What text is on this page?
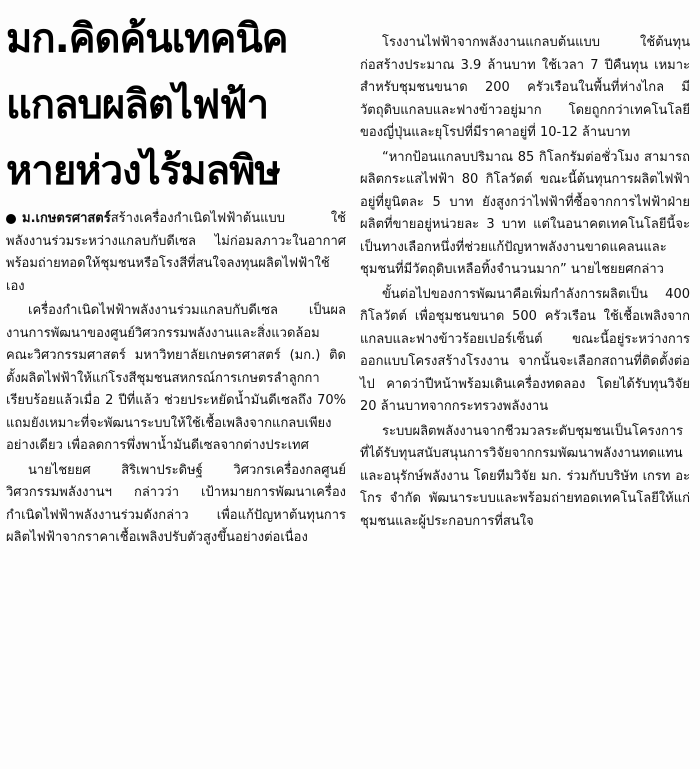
มก.คิดค้นเทคนิค
แกลบผลิตไฟฟ้า
หายห่วงไร้มลพิษ

ม.เกษตรศาสตร์สร้างเครื่องกำเนิดไฟฟ้าต้นแบบ ใช้พลังงานร่วมระหว่างแกลบกับดีเซล ไม่ก่อมลภาวะในอากาศ พร้อมถ่ายทอดให้ชุมชนหรือโรงสีที่สนใจลงทุนผลิตไฟฟ้าใช้เอง

เครื่องกำเนิดไฟฟ้าพลังงานร่วมแกลบกับดีเซล เป็นผลงานการพัฒนาของศูนย์วิศวกรรมพลังงานและสิ่งแวดล้อม คณะวิศวกรรมศาสตร์ มหาวิทยาลัยเกษตรศาสตร์ (มก.) ติดตั้งผลิตไฟฟ้าให้แก่โรงสีชุมชนสหกรณ์การเกษตรลำลูกกาเรียบร้อยแล้วเมื่อ 2 ปีที่แล้ว ช่วยประหยัดน้ำมันดีเซลถึง 70% แถมยังเหมาะที่จะพัฒนาระบบให้ใช้เชื้อเพลิงจากแกลบเพียงอย่างเดียว เพื่อลดการพึ่งพาน้ำมันดีเซลจากต่างประเทศ

นายไชยยศ สิริเพาประดิษฐ์ วิศวกรเครื่องกลศูนย์วิศวกรรมพลังงานฯ กล่าวว่า เป้าหมายการพัฒนาเครื่องกำเนิดไฟฟ้าพลังงานร่วมดังกล่าว เพื่อแก้ปัญหาต้นทุนการผลิตไฟฟ้าจากราคาเชื้อเพลิงปรับตัวสูงขึ้นอย่างต่อเนื่อง

โรงงานไฟฟ้าจากพลังงานแกลบต้นแบบ ใช้ต้นทุนก่อสร้างประมาณ 3.9 ล้านบาท ใช้เวลา 7 ปีคืนทุน เหมาะสำหรับชุมชนขนาด 200 ครัวเรือนในพื้นที่ห่างไกล มีวัตถุดิบแกลบและฟางข้าวอยู่มาก โดยถูกกว่าเทคโนโลยีของญี่ปุ่นและยุโรปที่มีราคาอยู่ที่ 10-12 ล้านบาท

“หากป้อนแกลบปริมาณ 85 กิโลกรัมต่อชั่วโมง สามารถผลิตกระแสไฟฟ้า 80 กิโลวัตต์ ขณะนี้ต้นทุนการผลิตไฟฟ้าอยู่ที่ยูนิตละ 5 บาท ยังสูงกว่าไฟฟ้าที่ซื้อจากการไฟฟ้าฝ่ายผลิตที่ขายอยู่หน่วยละ 3 บาท แต่ในอนาคตเทคโนโลยีนี้จะเป็นทางเลือกหนึ่งที่ช่วยแก้ปัญหาพลังงานขาดแคลนและชุมชนที่มีวัตถุดิบเหลือทิ้งจำนวนมาก” นายไชยยศกล่าว

ขั้นต่อไปของการพัฒนาคือเพิ่มกำลังการผลิตเป็น 400 กิโลวัตต์ เพื่อชุมชนขนาด 500 ครัวเรือน ใช้เชื้อเพลิงจากแกลบและฟางข้าวร้อยเปอร์เซ็นต์ ขณะนี้อยู่ระหว่างการออกแบบโครงสร้างโรงงาน จากนั้นจะเลือกสถานที่ติดตั้งต่อไป คาดว่าปีหน้าพร้อมเดินเครื่องทดลอง โดยได้รับทุนวิจัย 20 ล้านบาทจากกระทรวงพลังงาน

ระบบผลิตพลังงานจากชีวมวลระดับชุมชนเป็นโครงการที่ได้รับทุนสนับสนุนการวิจัยจากกรมพัฒนาพลังงานทดแทนและอนุรักษ์พลังงาน โดยทีมวิจัย มก. ร่วมกับบริษัท เกรท อะโกร จำกัด พัฒนาระบบและพร้อมถ่ายทอดเทคโนโลยีให้แก่ชุมชนและผู้ประกอบการที่สนใจ
